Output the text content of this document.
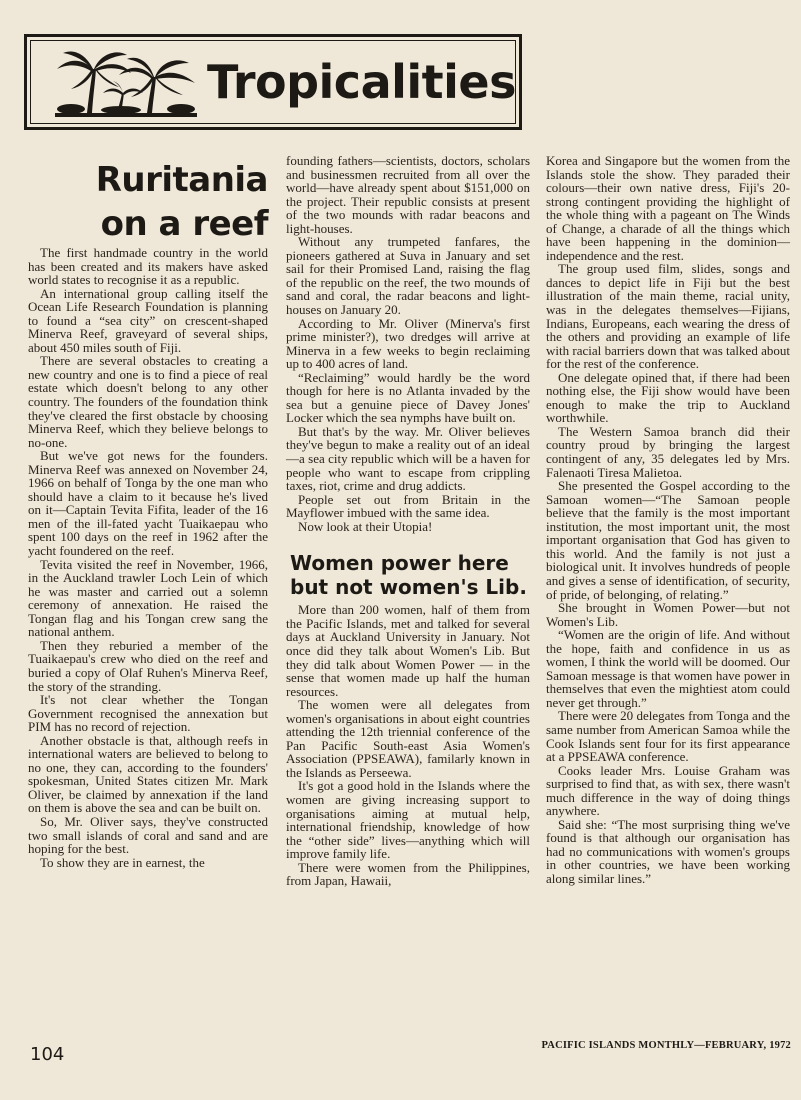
Tropicalities
Ruritania
on a reef

The first handmade country in the world has been created and its makers have asked world states to recognise it as a republic.

An international group calling itself the Ocean Life Research Foundation is planning to found a “sea city” on crescent-shaped Minerva Reef, graveyard of several ships, about 450 miles south of Fiji.

There are several obstacles to creating a new country and one is to find a piece of real estate which doesn't belong to any other country. The founders of the foundation think they've cleared the first obstacle by choosing Minerva Reef, which they believe belongs to no-one.

But we've got news for the founders. Minerva Reef was annexed on November 24, 1966 on behalf of Tonga by the one man who should have a claim to it because he's lived on it—Captain Tevita Fifita, leader of the 16 men of the ill-fated yacht Tuaikaepau who spent 100 days on the reef in 1962 after the yacht foundered on the reef.

Tevita visited the reef in November, 1966, in the Auckland trawler Loch Lein of which he was master and carried out a solemn ceremony of annexation. He raised the Tongan flag and his Tongan crew sang the national anthem.

Then they reburied a member of the Tuaikaepau's crew who died on the reef and buried a copy of Olaf Ruhen's Minerva Reef, the story of the stranding.

It's not clear whether the Tongan Government recognised the annexation but PIM has no record of rejection.

Another obstacle is that, although reefs in international waters are believed to belong to no one, they can, according to the founders' spokesman, United States citizen Mr. Mark Oliver, be claimed by annexation if the land on them is above the sea and can be built on.

So, Mr. Oliver says, they've constructed two small islands of coral and sand and are hoping for the best.

To show they are in earnest, the

founding fathers—scientists, doctors, scholars and businessmen recruited from all over the world—have already spent about $151,000 on the project. Their republic consists at present of the two mounds with radar beacons and light-houses.

Without any trumpeted fanfares, the pioneers gathered at Suva in January and set sail for their Promised Land, raising the flag of the republic on the reef, the two mounds of sand and coral, the radar beacons and light-houses on January 20.

According to Mr. Oliver (Minerva's first prime minister?), two dredges will arrive at Minerva in a few weeks to begin reclaiming up to 400 acres of land.

“Reclaiming” would hardly be the word though for here is no Atlanta invaded by the sea but a genuine piece of Davey Jones' Locker which the sea nymphs have built on.

But that's by the way. Mr. Oliver believes they've begun to make a reality out of an ideal—a sea city republic which will be a haven for people who want to escape from crippling taxes, riot, crime and drug addicts.

People set out from Britain in the Mayflower imbued with the same idea.

Now look at their Utopia!

Women power here but not women's Lib.

More than 200 women, half of them from the Pacific Islands, met and talked for several days at Auckland University in January. Not once did they talk about Women's Lib. But they did talk about Women Power — in the sense that women made up half the human resources.

The women were all delegates from women's organisations in about eight countries attending the 12th triennial conference of the Pan Pacific South-east Asia Women's Association (PPSEAWA), familarly known in the Islands as Perseewa.

It's got a good hold in the Islands where the women are giving increasing support to organisations aiming at mutual help, international friendship, knowledge of how the “other side” lives—anything which will improve family life.

There were women from the Philippines, from Japan, Hawaii,

Korea and Singapore but the women from the Islands stole the show. They paraded their colours—their own native dress, Fiji's 20-strong contingent providing the highlight of the whole thing with a pageant on The Winds of Change, a charade of all the things which have been happening in the dominion—independence and the rest.

The group used film, slides, songs and dances to depict life in Fiji but the best illustration of the main theme, racial unity, was in the delegates themselves—Fijians, Indians, Europeans, each wearing the dress of the others and providing an example of life with racial barriers down that was talked about for the rest of the conference.

One delegate opined that, if there had been nothing else, the Fiji show would have been enough to make the trip to Auckland worthwhile.

The Western Samoa branch did their country proud by bringing the largest contingent of any, 35 delegates led by Mrs. Falenaoti Tiresa Malietoa.

She presented the Gospel according to the Samoan women—“The Samoan people believe that the family is the most important institution, the most important unit, the most important organisation that God has given to this world. And the family is not just a biological unit. It involves hundreds of people and gives a sense of identification, of security, of pride, of belonging, of relating.”

She brought in Women Power—but not Women's Lib.

“Women are the origin of life. And without the hope, faith and confidence in us as women, I think the world will be doomed. Our Samoan message is that women have power in themselves that even the mightiest atom could never get through.”

There were 20 delegates from Tonga and the same number from American Samoa while the Cook Islands sent four for its first appearance at a PPSEAWA conference.

Cooks leader Mrs. Louise Graham was surprised to find that, as with sex, there wasn't much difference in the way of doing things anywhere.

Said she: “The most surprising thing we've found is that although our organisation has had no communications with women's groups in other countries, we have been working along similar lines.”

104	PACIFIC ISLANDS MONTHLY—FEBRUARY, 1972
